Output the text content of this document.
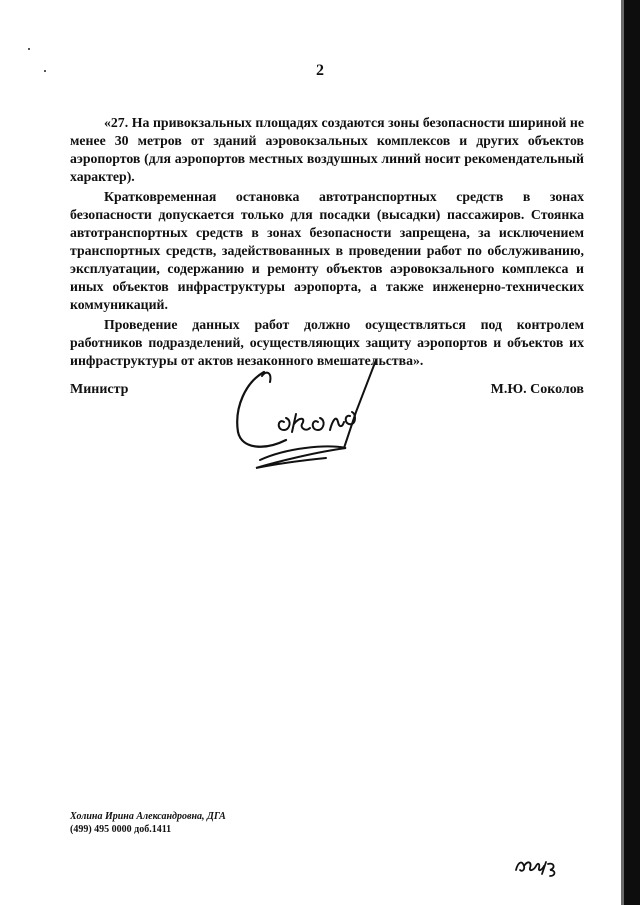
2

«27. На привокзальных площадях создаются зоны безопасности шириной не менее 30 метров от зданий аэровокзальных комплексов и других объектов аэропортов (для аэропортов местных воздушных линий носит рекомендательный характер).

Кратковременная остановка автотранспортных средств в зонах безопасности допускается только для посадки (высадки) пассажиров. Стоянка автотранспортных средств в зонах безопасности запрещена, за исключением транспортных средств, задействованных в проведении работ по обслуживанию, эксплуатации, содержанию и ремонту объектов аэровокзального комплекса и иных объектов инфраструктуры аэропорта, а также инженерно-технических коммуникаций.

Проведение данных работ должно осуществляться под контролем работников подразделений, осуществляющих защиту аэропортов и объектов их инфраструктуры от актов незаконного вмешательства».

Министр	М.Ю. Соколов
Холина Ирина Александровна, ДГА
(499) 495 0000 доб.1411
